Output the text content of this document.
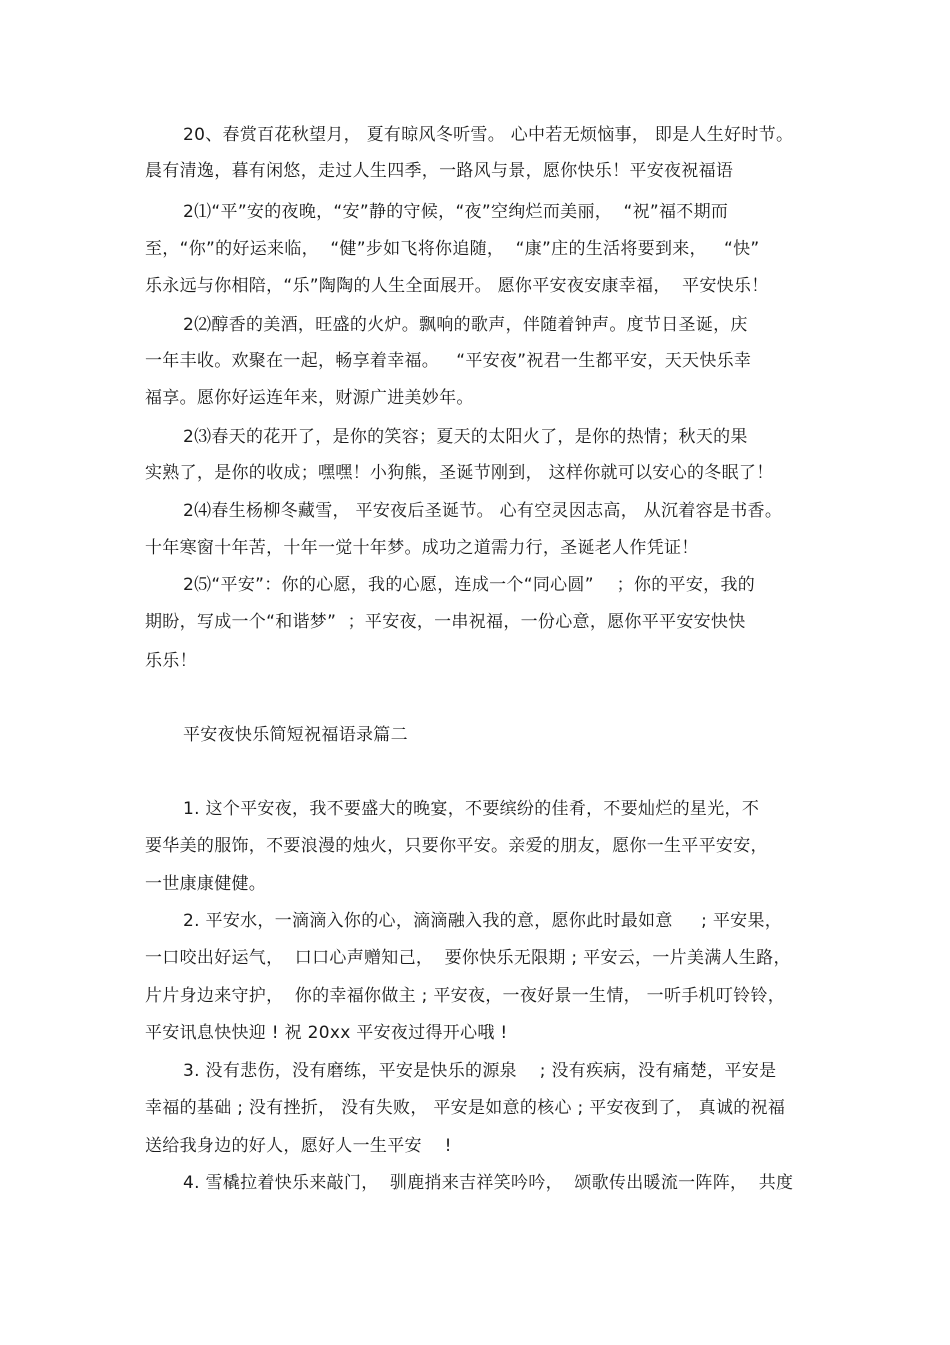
20、春赏百花秋望月， 夏有晾风冬听雪。 心中若无烦恼事， 即是人生好时节。
晨有清逸，暮有闲悠，走过人生四季，一路风与景，愿你快乐！平安夜祝福语
2⑴“平”安的夜晚，“安”静的守候，“夜”空绚烂而美丽，  “祝”福不期而
至，“你”的好运来临，  “健”步如飞将你追随，  “康”庄的生活将要到来，   “快”
乐永远与你相陪，“乐”陶陶的人生全面展开。 愿你平安夜安康幸福，  平安快乐！
2⑵醇香的美酒，旺盛的火炉。飘响的歌声，伴随着钟声。度节日圣诞，庆
一年丰收。欢聚在一起，畅享着幸福。   “平安夜”祝君一生都平安，天天快乐幸
福享。愿你好运连年来，财源广进美妙年。
2⑶春天的花开了，是你的笑容；夏天的太阳火了，是你的热情；秋天的果
实熟了，是你的收成；嘿嘿！小狗熊，圣诞节刚到， 这样你就可以安心的冬眠了！
2⑷春生杨柳冬藏雪， 平安夜后圣诞节。 心有空灵因志高， 从沉着容是书香。
十年寒窗十年苦，十年一觉十年梦。成功之道需力行，圣诞老人作凭证！
2⑸“平安”：你的心愿，我的心愿，连成一个“同心圆”    ；你的平安，我的
期盼，写成一个“和谐梦”  ；平安夜，一串祝福，一份心意，愿你平平安安快快
乐乐！
平安夜快乐简短祝福语录篇二
1. 这个平安夜，我不要盛大的晚宴，不要缤纷的佳肴，不要灿烂的星光，不
要华美的服饰，不要浪漫的烛火，只要你平安。亲爱的朋友，愿你一生平平安安，
一世康康健健。
2. 平安水，一滴滴入你的心，滴滴融入我的意，愿你此时最如意     ; 平安果，
一口咬出好运气，  口口心声赠知己，  要你快乐无限期 ; 平安云，一片美满人生路，
片片身边来守护，  你的幸福你做主 ; 平安夜，一夜好景一生情， 一听手机叮铃铃，
平安讯息快快迎 ! 祝 20xx 平安夜过得开心哦 !
3. 没有悲伤，没有磨练，平安是快乐的源泉    ; 没有疾病，没有痛楚，平安是
幸福的基础 ; 没有挫折， 没有失败， 平安是如意的核心 ; 平安夜到了， 真诚的祝福
送给我身边的好人，愿好人一生平安    !
4. 雪橇拉着快乐来敲门，  驯鹿捎来吉祥笑吟吟，  颂歌传出暖流一阵阵，  共度
